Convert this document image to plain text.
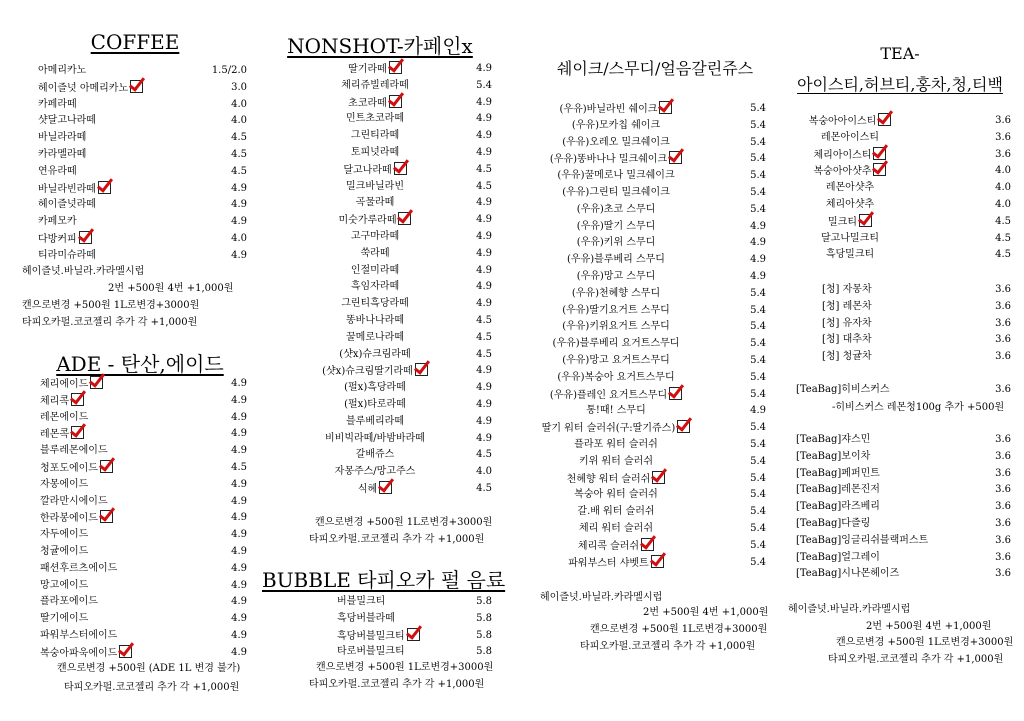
COFFEE
ADE - 탄산,에이드
NONSHOT-카페인x
BUBBLE 타피오카 펄 음료
쉐이크/스무디/얼음갈린쥬스
TEA-
아이스티,허브티,홍차,청,티백
아메리카노	1.5/2.0
헤이즐넛 아메리카노	3.0
카페라떼	4.0
샷달고나라떼	4.0
바닐라라떼	4.5
카라멜라떼	4.5
연유라떼	4.5
바닐라빈라떼	4.9
헤이즐넛라떼	4.9
카페모카	4.9
다방커피	4.0
티라미슈라떼	4.9
헤이즐넛.바닐라.카라멜시럽
2번 +500원 4번 +1,000원
캔으로변경 +500원 1L로변경+3000원
타피오카펄.코코젤리 추가 각 +1,000원
체리에이드	4.9
체리콕	4.9
레몬에이드	4.9
레몬콕	4.9
블루레몬에이드	4.9
청포도에이드	4.5
자몽에이드	4.9
깔라만시에이드	4.9
한라봉에이드	4.9
자두에이드	4.9
청귤에이드	4.9
패션후르츠에이드	4.9
망고에이드	4.9
플라포에이드	4.9
딸기에이드	4.9
파워부스터에이드	4.9
복숭아파욱에이드	4.9
캔으로변경 +500원 (ADE 1L 변경 불가)
타피오카펄.코코젤리 추가 각 +1,000원
딸기라떼	4.9
체리쥬빌레라떼	5.4
초코라떼	4.9
민트초코라떼	4.9
그린티라떼	4.9
토피넛라떼	4.9
달고나라떼	4.5
밀크바닐라빈	4.5
곡물라떼	4.9
미숫가루라떼	4.9
고구마라떼	4.9
쑥라떼	4.9
인절미라떼	4.9
흑임자라떼	4.9
그린티흑당라떼	4.9
똥바나나라떼	4.5
꿀메로나라떼	4.5
(샷x)슈크림라떼	4.5
(샷x)슈크림딸기라떼	4.9
(펄x)흑당라떼	4.9
(펄x)타로라떼	4.9
블루베리라떼	4.9
비비빅라떼/바밤바라떼	4.9
갈배쥬스	4.5
자몽주스/망고주스	4.0
식혜	4.5
캔으로변경 +500원 1L로변경+3000원
타피오카펄.코코젤리 추가 각 +1,000원
버블밀크티	5.8
흑당버블라떼	5.8
흑당버블밀크티	5.8
타로버블밀크티	5.8
캔으로변경 +500원 1L로변경+3000원
타피오카펄.코코젤리 추가 각 +1,000원
(우유)바닐라빈 쉐이크	5.4
(우유)모카칩 쉐이크	5.4
(우유)오레오 밀크쉐이크	5.4
(우유)똥바나나 밀크쉐이크	5.4
(우유)꿀메로나 밀크쉐이크	5.4
(우유)그린티 밀크쉐이크	5.4
(우유)초코 스무디	5.4
(우유)딸기 스무디	4.9
(우유)키위 스무디	4.9
(우유)블루베리 스무디	4.9
(우유)망고 스무디	4.9
(우유)천혜향 스무디	5.4
(우유)딸기요거트 스무디	5.4
(우유)키위요거트 스무디	5.4
(우유)블루베리 요거트스무디	5.4
(우유)망고 요거트스무디	5.4
(우유)복숭아 요거트스무디	5.4
(우유)플레인 요거트스무디	5.4
통!때! 스무디	4.9
딸기 워터 슬러쉬(구:딸기쥬스)	5.4
플라포 워터 슬러쉬	5.4
키위 워터 슬러쉬	5.4
천혜향 워터 슬러쉬	5.4
복숭아 워터 슬러쉬	5.4
갈.배 워터 슬러쉬	5.4
체리 워터 슬러쉬	5.4
체리콕 슬러쉬	5.4
파워부스터 샤벳트	5.4
헤이즐넛.바닐라.카라멜시럽
2번 +500원 4번 +1,000원
캔으로변경 +500원 1L로변경+3000원
타피오카펄.코코젤리 추가 각 +1,000원
복숭아아이스티	3.6
레몬아이스티	3.6
체리아이스티	3.6
복숭아아샷추	4.0
레몬아샷추	4.0
체리아샷추	4.0
밀크티	4.5
달고나밀크티	4.5
흑당밀크티	4.5
[청] 자몽차	3.6
[청] 레몬차	3.6
[청] 유자차	3.6
[청] 대추차	3.6
[청] 청귤차	3.6
[TeaBag]히비스커스	3.6
-히비스커스 레몬청100g 추가 +500원
[TeaBag]쟈스민	3.6
[TeaBag]보이차	3.6
[TeaBag]페퍼민트	3.6
[TeaBag]레몬진저	3.6
[TeaBag]라즈베리	3.6
[TeaBag]다즐링	3.6
[TeaBag]잉글리쉬블랙퍼스트	3.6
[TeaBag]얼그레이	3.6
[TeaBag]시나몬헤이즈	3.6
헤이즐넛.바닐라.카라멜시럽
2번 +500원 4번 +1,000원
캔으로변경 +500원 1L로변경+3000원
타피오카펄.코코젤리 추가 각 +1,000원
